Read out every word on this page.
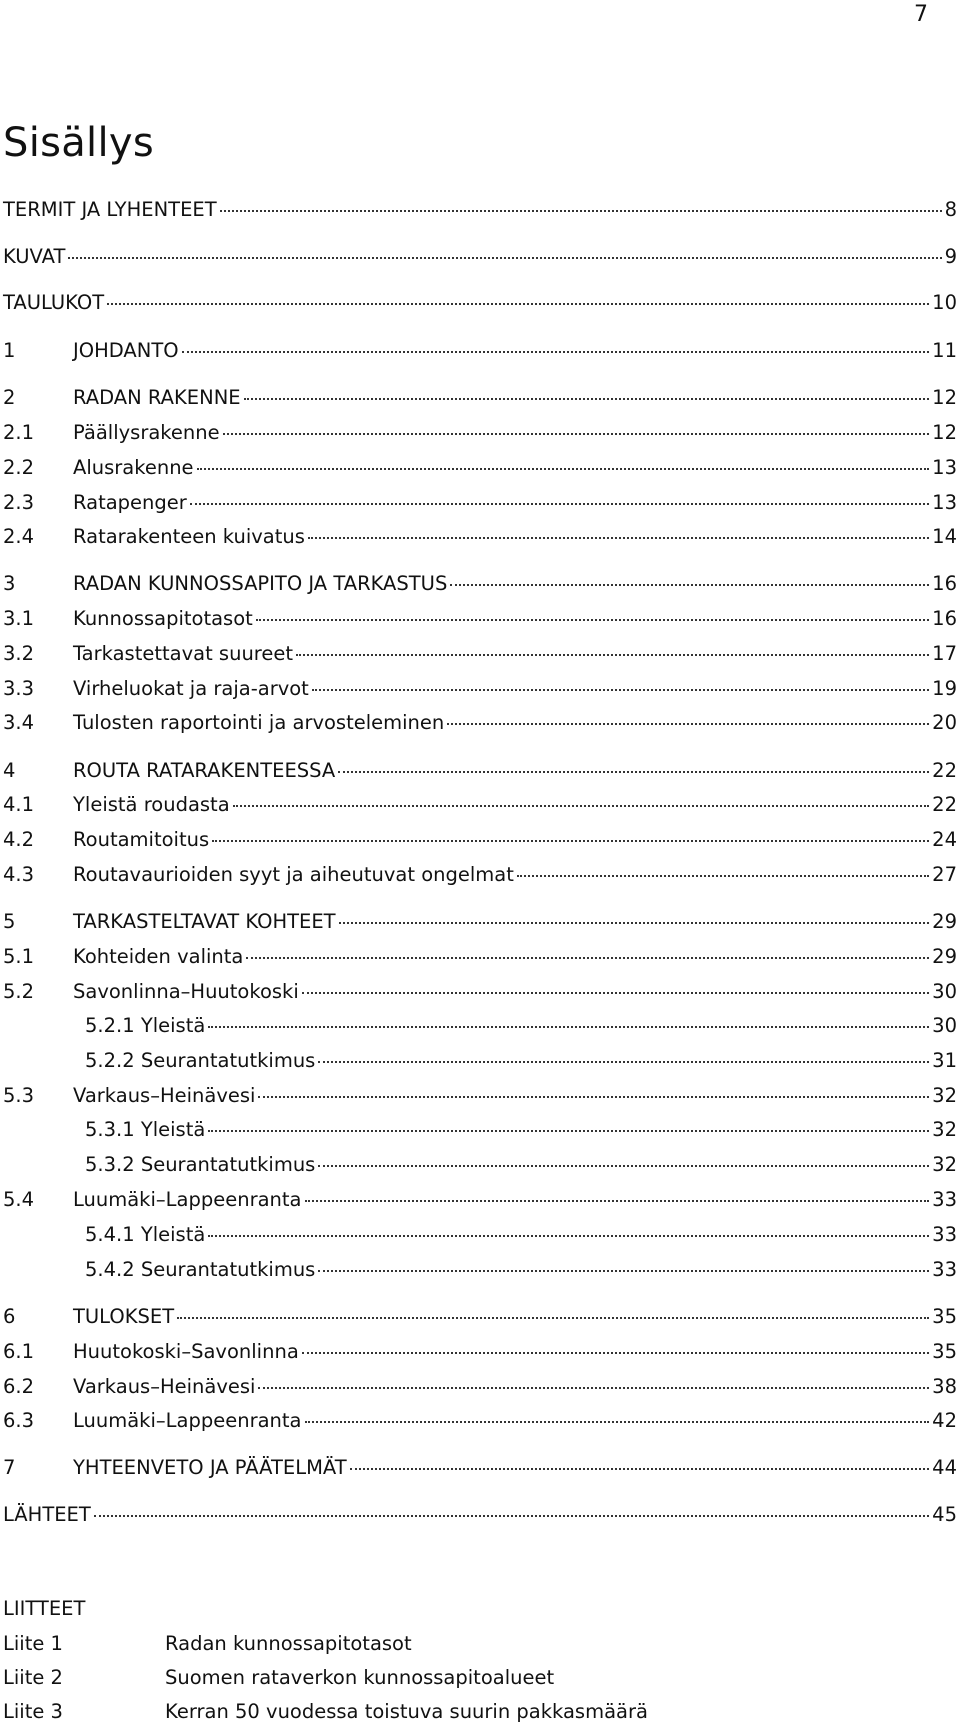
7
Sisällys
TERMIT JA LYHENTEET	8
KUVAT	9
TAULUKOT	10
1	JOHDANTO	11
2	RADAN RAKENNE	12
2.1	Päällysrakenne	12
2.2	Alusrakenne	13
2.3	Ratapenger	13
2.4	Ratarakenteen kuivatus	14
3	RADAN KUNNOSSAPITO JA TARKASTUS	16
3.1	Kunnossapitotasot	16
3.2	Tarkastettavat suureet	17
3.3	Virheluokat ja raja-arvot	19
3.4	Tulosten raportointi ja arvosteleminen	20
4	ROUTA RATARAKENTEESSA	22
4.1	Yleistä roudasta	22
4.2	Routamitoitus	24
4.3	Routavaurioiden syyt ja aiheutuvat ongelmat	27
5	TARKASTELTAVAT KOHTEET	29
5.1	Kohteiden valinta	29
5.2	Savonlinna–Huutokoski	30
5.2.1 Yleistä	30
5.2.2 Seurantatutkimus	31
5.3	Varkaus–Heinävesi	32
5.3.1 Yleistä	32
5.3.2 Seurantatutkimus	32
5.4	Luumäki–Lappeenranta	33
5.4.1 Yleistä	33
5.4.2 Seurantatutkimus	33
6	TULOKSET	35
6.1	Huutokoski–Savonlinna	35
6.2	Varkaus–Heinävesi	38
6.3	Luumäki–Lappeenranta	42
7	YHTEENVETO JA PÄÄTELMÄT	44
LÄHTEET	45
LIITTEET
Liite 1	Radan kunnossapitotasot
Liite 2	Suomen rataverkon kunnossapitoalueet
Liite 3	Kerran 50 vuodessa toistuva suurin pakkasmäärä
